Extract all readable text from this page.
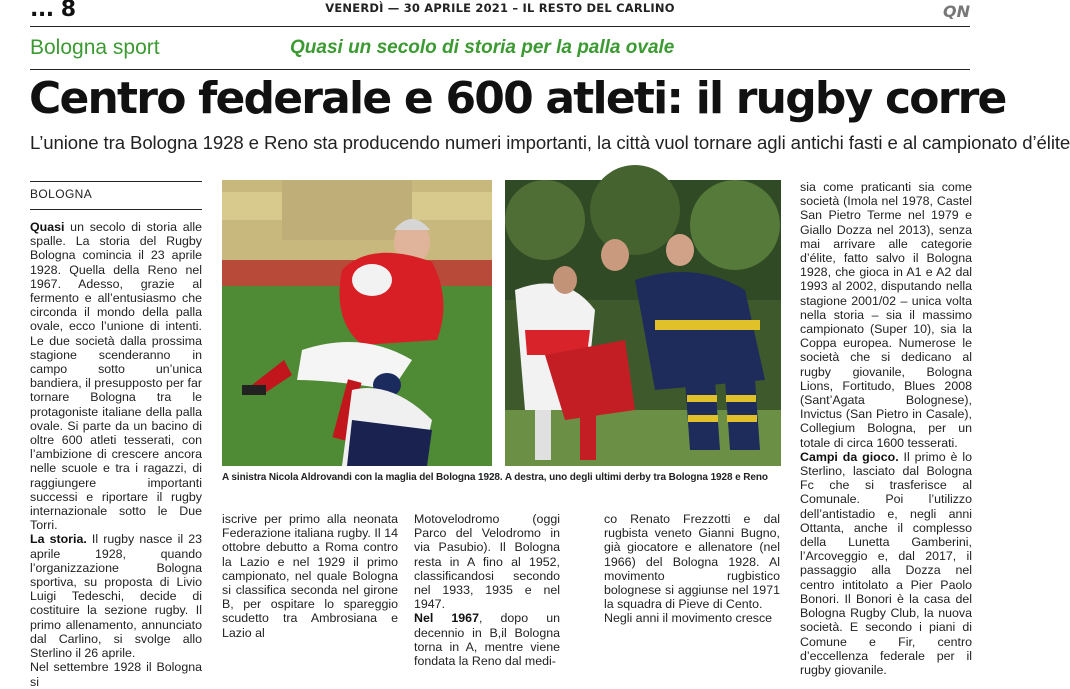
... 8	VENERDÌ — 30 APRILE 2021 – IL RESTO DEL CARLINO	QN
Bologna sport	Quasi un secolo di storia per la palla ovale
Centro federale e 600 atleti: il rugby corre
L’unione tra Bologna 1928 e Reno sta producendo numeri importanti, la città vuol tornare agli antichi fasti e al campionato d’élite
BOLOGNA

Quasi un secolo di storia alle spalle. La storia del Rugby Bologna comincia il 23 aprile 1928. Quella della Reno nel 1967. Adesso, grazie al fermento e all’entusiasmo che circonda il mondo della palla ovale, ecco l’unione di intenti. Le due società dalla prossima stagione scenderanno in campo sotto un’unica bandiera, il presupposto per far tornare Bologna tra le protagoniste italiane della palla ovale. Si parte da un bacino di oltre 600 atleti tesserati, con l’ambizione di crescere ancora nelle scuole e tra i ragazzi, di raggiungere importanti successi e riportare il rugby internazionale sotto le Due Torri.

La storia. Il rugby nasce il 23 aprile 1928, quando l’organizzazione Bologna sportiva, su proposta di Livio Luigi Tedeschi, decide di costituire la sezione rugby. Il primo allenamento, annunciato dal Carlino, si svolge allo Sterlino il 26 aprile.

Nel settembre 1928 il Bologna si

A sinistra Nicola Aldrovandi con la maglia del Bologna 1928. A destra, uno degli ultimi derby tra Bologna 1928 e Reno

iscrive per primo alla neonata Federazione italiana rugby. Il 14 ottobre debutto a Roma contro la Lazio e nel 1929 il primo campionato, nel quale Bologna si classifica seconda nel girone B, per ospitare lo spareggio scudetto tra Ambrosiana e Lazio al

Motovelodromo (oggi Parco del Velodromo in via Pasubio). Il Bologna resta in A fino al 1952, classificandosi secondo nel 1933, 1935 e nel 1947.

Nel 1967, dopo un decennio in B,il Bologna torna in A, mentre viene fondata la Reno dal medi-

co Renato Frezzotti e dal rugbista veneto Gianni Bugno, già giocatore e allenatore (nel 1966) del Bologna 1928. Al movimento rugbistico bolognese si aggiunse nel 1971 la squadra di Pieve di Cento.

Negli anni il movimento cresce

sia come praticanti sia come società (Imola nel 1978, Castel San Pietro Terme nel 1979 e Giallo Dozza nel 2013), senza mai arrivare alle categorie d’élite, fatto salvo il Bologna 1928, che gioca in A1 e A2 dal 1993 al 2002, disputando nella stagione 2001/02 – unica volta nella storia – sia il massimo campionato (Super 10), sia la Coppa europea. Numerose le società che si dedicano al rugby giovanile, Bologna Lions, Fortitudo, Blues 2008 (Sant’Agata Bolognese), Invictus (San Pietro in Casale), Collegium Bologna, per un totale di circa 1600 tesserati.

Campi da gioco. Il primo è lo Sterlino, lasciato dal Bologna Fc che si trasferisce al Comunale. Poi l’utilizzo dell’antistadio e, negli anni Ottanta, anche il complesso della Lunetta Gamberini, l’Arcoveggio e, dal 2017, il passaggio alla Dozza nel centro intitolato a Pier Paolo Bonori. Il Bonori è la casa del Bologna Rugby Club, la nuova società. E secondo i piani di Comune e Fir, centro d’eccellenza federale per il rugby giovanile.
